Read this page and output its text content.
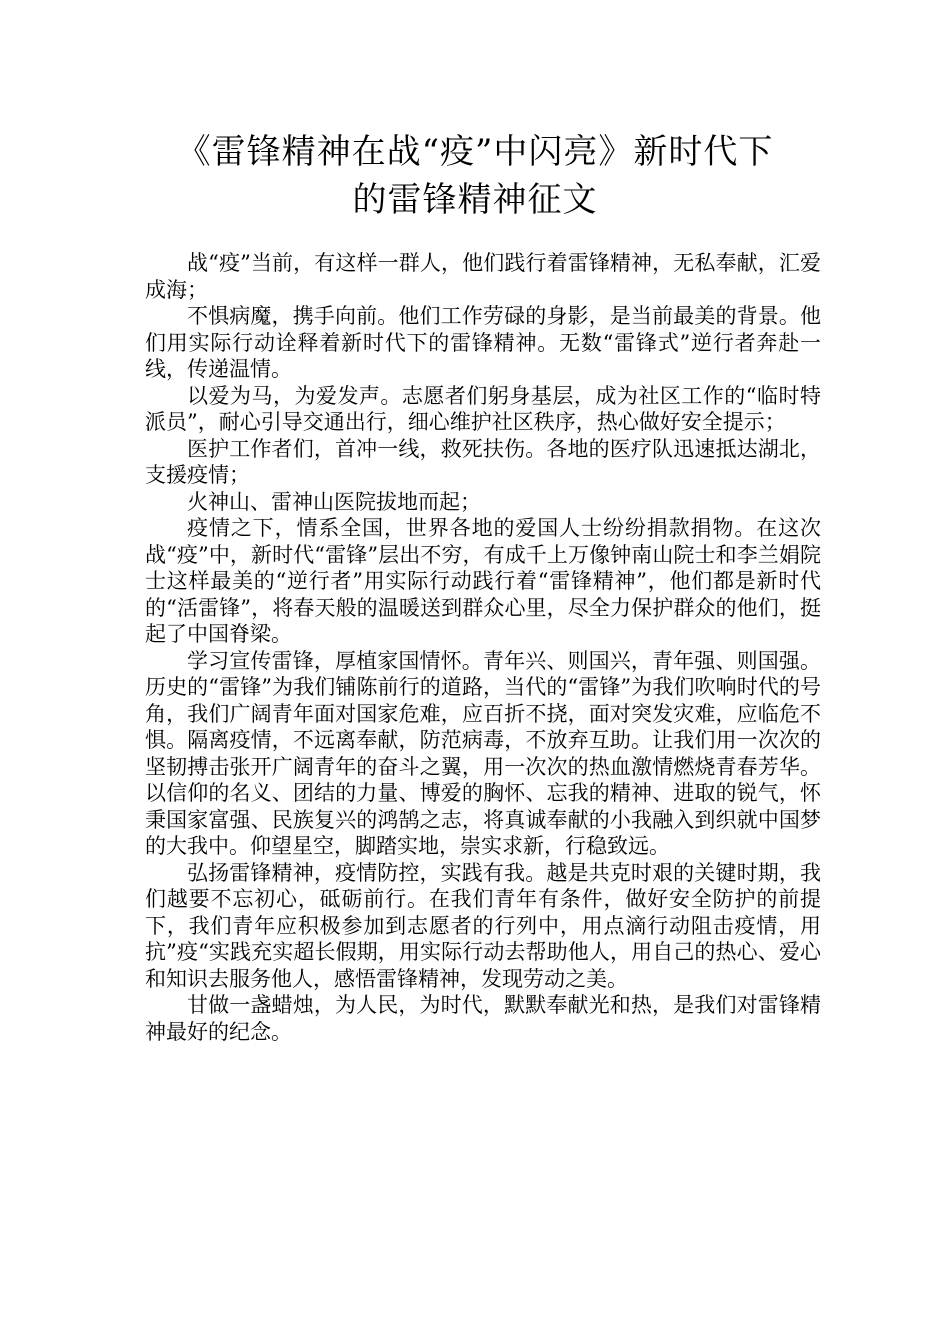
《雷锋精神在战“疫”中闪亮》新时代下
的雷锋精神征文

战“疫”当前，有这样一群人，他们践行着雷锋精神，无私奉献，汇爱成海；

不惧病魔，携手向前。他们工作劳碌的身影，是当前最美的背景。他们用实际行动诠释着新时代下的雷锋精神。无数“雷锋式”逆行者奔赴一线，传递温情。

以爱为马，为爱发声。志愿者们躬身基层，成为社区工作的“临时特派员”，耐心引导交通出行，细心维护社区秩序，热心做好安全提示；

医护工作者们，首冲一线，救死扶伤。各地的医疗队迅速抵达湖北，支援疫情；

火神山、雷神山医院拔地而起；

疫情之下，情系全国，世界各地的爱国人士纷纷捐款捐物。在这次战“疫”中，新时代“雷锋”层出不穷，有成千上万像钟南山院士和李兰娟院士这样最美的“逆行者”用实际行动践行着“雷锋精神”，他们都是新时代的“活雷锋”，将春天般的温暖送到群众心里，尽全力保护群众的他们，挺起了中国脊梁。

学习宣传雷锋，厚植家国情怀。青年兴、则国兴，青年强、则国强。历史的“雷锋”为我们铺陈前行的道路，当代的“雷锋”为我们吹响时代的号角，我们广阔青年面对国家危难，应百折不挠，面对突发灾难，应临危不惧。隔离疫情，不远离奉献，防范病毒，不放弃互助。让我们用一次次的坚韧搏击张开广阔青年的奋斗之翼，用一次次的热血激情燃烧青春芳华。以信仰的名义、团结的力量、博爱的胸怀、忘我的精神、进取的锐气，怀秉国家富强、民族复兴的鸿鹄之志，将真诚奉献的小我融入到织就中国梦的大我中。仰望星空，脚踏实地，崇实求新，行稳致远。

弘扬雷锋精神，疫情防控，实践有我。越是共克时艰的关键时期，我们越要不忘初心，砥砺前行。在我们青年有条件，做好安全防护的前提下，我们青年应积极参加到志愿者的行列中，用点滴行动阻击疫情，用抗”疫“实践充实超长假期，用实际行动去帮助他人，用自己的热心、爱心和知识去服务他人，感悟雷锋精神，发现劳动之美。

甘做一盏蜡烛，为人民，为时代，默默奉献光和热，是我们对雷锋精神最好的纪念。
